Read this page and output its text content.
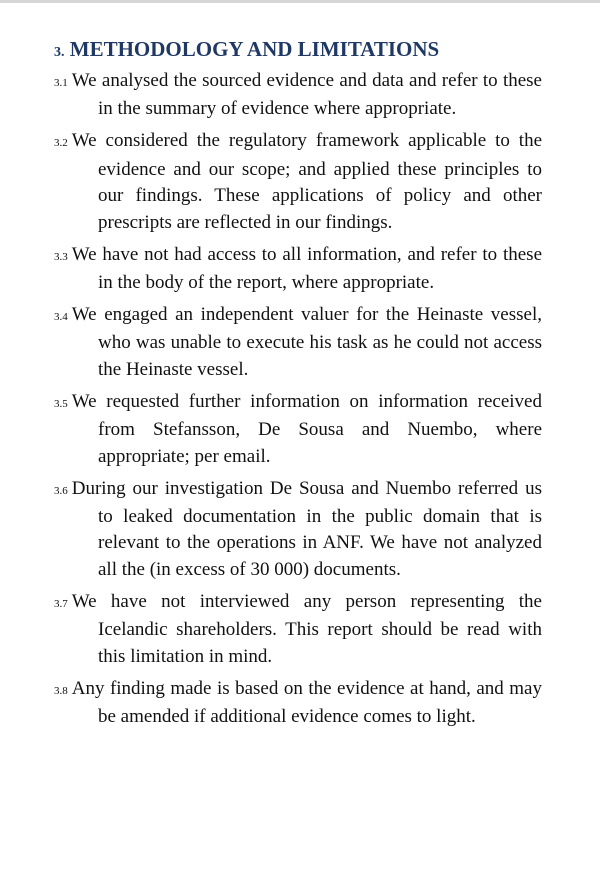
3. METHODOLOGY AND LIMITATIONS
3.1 We analysed the sourced evidence and data and refer to these in the summary of evidence where appropriate.
3.2 We considered the regulatory framework applicable to the evidence and our scope; and applied these principles to our findings. These applications of policy and other prescripts are reflected in our findings.
3.3 We have not had access to all information, and refer to these in the body of the report, where appropriate.
3.4 We engaged an independent valuer for the Heinaste vessel, who was unable to execute his task as he could not access the Heinaste vessel.
3.5 We requested further information on information received from Stefansson, De Sousa and Nuembo, where appropriate; per email.
3.6 During our investigation De Sousa and Nuembo referred us to leaked documentation in the public domain that is relevant to the operations in ANF. We have not analyzed all the (in excess of 30 000) documents.
3.7 We have not interviewed any person representing the Icelandic shareholders. This report should be read with this limitation in mind.
3.8 Any finding made is based on the evidence at hand, and may be amended if additional evidence comes to light.
